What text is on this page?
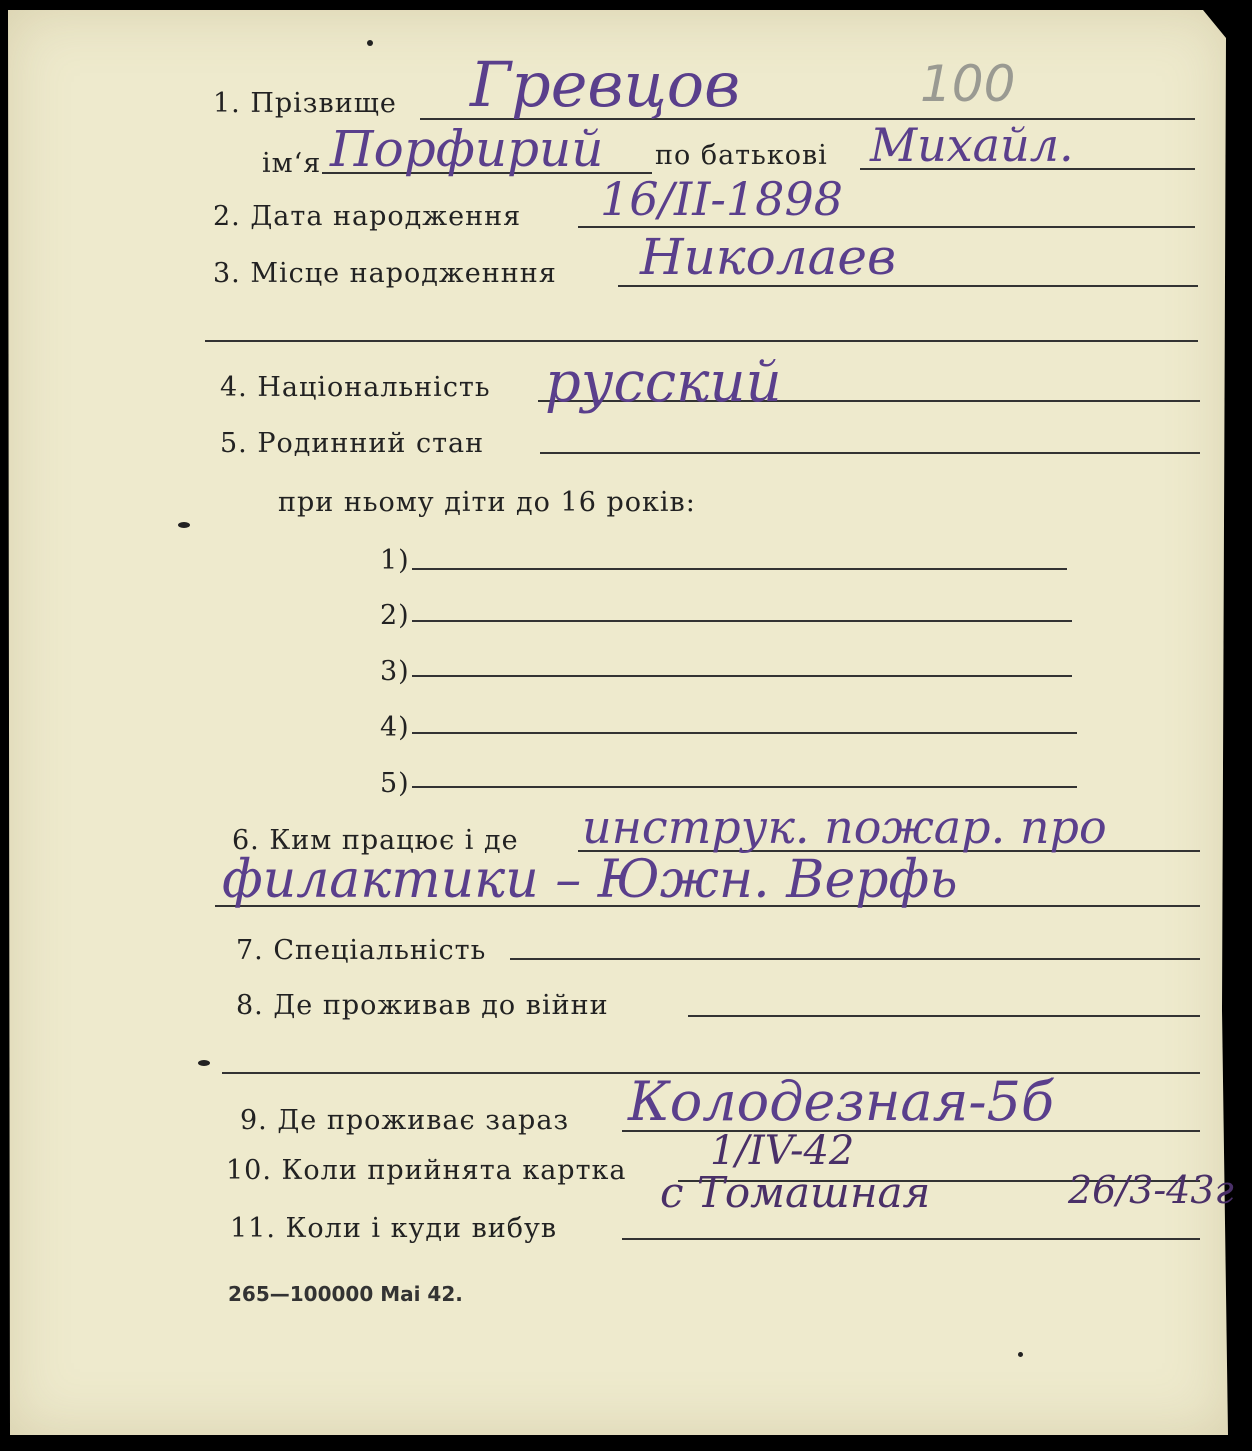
1. Прізвище Гревцов	100
ім‘я Порфирий по батькові Михайл.
2. Дата народження 16/II-1898
3. Місце народженння Николаев
4. Національність русский
5. Родинний стан
при ньому діти до 16 років:
1)
2)
3)
4)
5)
6. Ким працює і де инструк. пожар. про
филактики – Южн. Верфь
7. Спеціальність
8. Де проживав до війни
9. Де проживає зараз Колодезная-5б
10. Коли прийнята картка 1/IV-42
11. Коли і куди вибув
с Томашная	26/3-43г
265—100000 Маі 42.
